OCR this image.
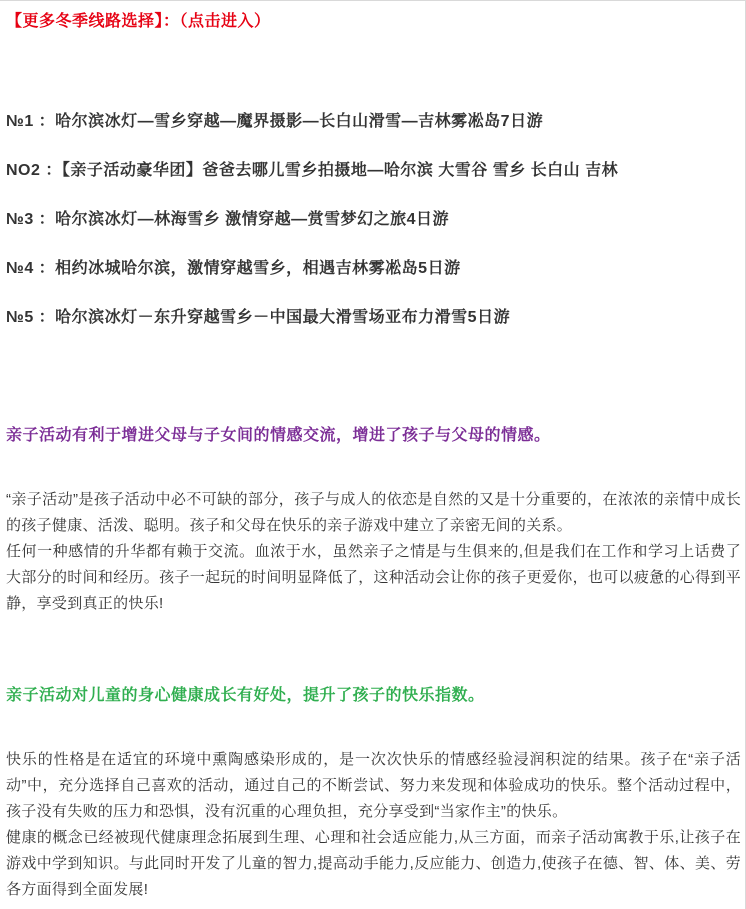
【更多冬季线路选择】：（点击进入）
№1 ：哈尔滨冰灯—雪乡穿越—魔界摄影—长白山滑雪—吉林雾凇岛7日游
NO2 ：【亲子活动豪华团】爸爸去哪儿雪乡拍摄地—哈尔滨 大雪谷 雪乡 长白山 吉林
№3 ：哈尔滨冰灯—林海雪乡 激情穿越—赏雪梦幻之旅4日游
№4 ：相约冰城哈尔滨，激情穿越雪乡，相遇吉林雾凇岛5日游
№5 ：哈尔滨冰灯－东升穿越雪乡－中国最大滑雪场亚布力滑雪5日游
亲子活动有利于增进父母与子女间的情感交流，增进了孩子与父母的情感。

“亲子活动”是孩子活动中必不可缺的部分，孩子与成人的依恋是自然的又是十分重要的，在浓浓的亲情中成长的孩子健康、活泼、聪明。孩子和父母在快乐的亲子游戏中建立了亲密无间的关系。

任何一种感情的升华都有赖于交流。血浓于水，虽然亲子之情是与生俱来的,但是我们在工作和学习上话费了大部分的时间和经历。孩子一起玩的时间明显降低了，这种活动会让你的孩子更爱你，也可以疲惫的心得到平静，享受到真正的快乐!

亲子活动对儿童的身心健康成长有好处，提升了孩子的快乐指数。

快乐的性格是在适宜的环境中熏陶感染形成的，是一次次快乐的情感经验浸润积淀的结果。孩子在“亲子活动”中，充分选择自己喜欢的活动，通过自己的不断尝试、努力来发现和体验成功的快乐。整个活动过程中，孩子没有失败的压力和恐惧，没有沉重的心理负担，充分享受到“当家作主”的快乐。

健康的概念已经被现代健康理念拓展到生理、心理和社会适应能力,从三方面，而亲子活动寓教于乐,让孩子在游戏中学到知识。与此同时开发了儿童的智力,提高动手能力,反应能力、创造力,使孩子在德、智、体、美、劳各方面得到全面发展!
